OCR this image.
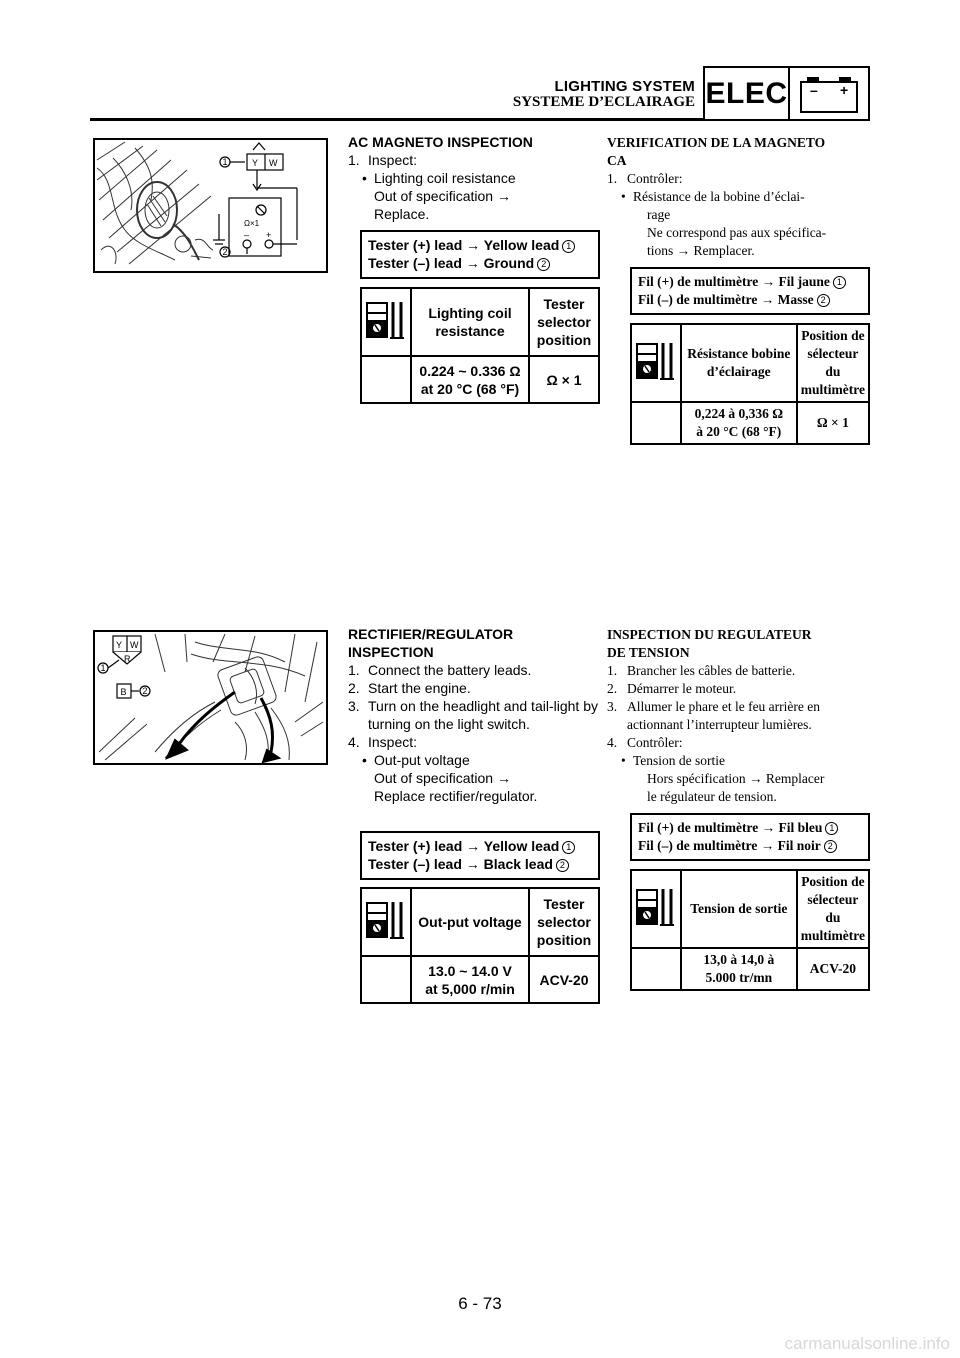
LIGHTING SYSTEM
SYSTEME D’ECLAIRAGE ELEC – +
1	Y W
Ω×1
– +
2
AC MAGNETO INSPECTION
1. Inspect:
• Lighting coil resistance
Out of specification →
Replace.
Tester (+) lead → Yellow lead 1
Tester (–) lead → Ground 2
	Lighting coil resistance	Tester selector position

	0.224 ~ 0.336 Ω
at 20 °C (68 °F)	Ω × 1
VERIFICATION DE LA MAGNETO
CA
1. Contrôler:
• Résistance de la bobine d’éclai-
rage
Ne correspond pas aux spécifica-
tions → Remplacer.
Fil (+) de multimètre → Fil jaune 1
Fil (–) de multimètre → Masse 2
	Résistance bobine d’éclairage	Position de sélecteur du multimètre

	0,224 à 0,336 Ω
à 20 °C (68 °F)	Ω × 1
Y W
R
1
B 2
RECTIFIER/REGULATOR
INSPECTION
1. Connect the battery leads.
2. Start the engine.
3. Turn on the headlight and tail-light by turning on the light switch.
4. Inspect:
• Out-put voltage
Out of specification →
Replace rectifier/regulator.
Tester (+) lead → Yellow lead 1
Tester (–) lead → Black lead 2
	Out-put voltage	Tester selector position

	13.0 ~ 14.0 V
at 5,000 r/min	ACV-20
INSPECTION DU REGULATEUR
DE TENSION
1. Brancher les câbles de batterie.
2. Démarrer le moteur.
3. Allumer le phare et le feu arrière en actionnant l’interrupteur lumières.
4. Contrôler:
• Tension de sortie
Hors spécification → Remplacer
le régulateur de tension.
Fil (+) de multimètre → Fil bleu 1
Fil (–) de multimètre → Fil noir 2
	Tension de sortie	Position de sélecteur du multimètre

	13,0 à 14,0 à
5.000 tr/mn	ACV-20
6 - 73
carmanualsonline.info
